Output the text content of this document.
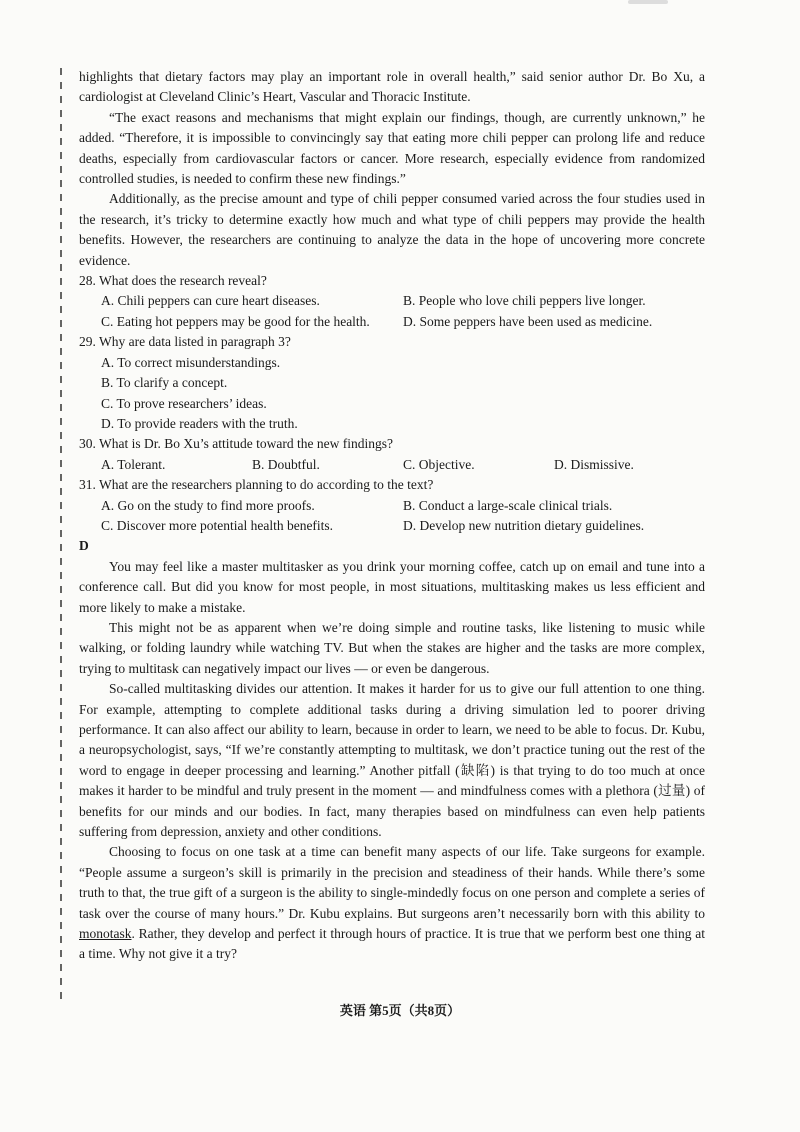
highlights that dietary factors may play an important role in overall health,” said senior author Dr. Bo Xu, a cardiologist at Cleveland Clinic’s Heart, Vascular and Thoracic Institute.

“The exact reasons and mechanisms that might explain our findings, though, are currently unknown,” he added. “Therefore, it is impossible to convincingly say that eating more chili pepper can prolong life and reduce deaths, especially from cardiovascular factors or cancer. More research, especially evidence from randomized controlled studies, is needed to confirm these new findings.”

Additionally, as the precise amount and type of chili pepper consumed varied across the four studies used in the research, it’s tricky to determine exactly how much and what type of chili peppers may provide the health benefits. However, the researchers are continuing to analyze the data in the hope of uncovering more concrete evidence.

28. What does the research reveal?

A. Chili peppers can cure heart diseases.	B. People who love chili peppers live longer.
C. Eating hot peppers may be good for the health.	D. Some peppers have been used as medicine.

29. Why are data listed in paragraph 3?

A. To correct misunderstandings.
B. To clarify a concept.
C. To prove researchers’ ideas.
D. To provide readers with the truth.

30. What is Dr. Bo Xu’s attitude toward the new findings?

A. Tolerant.	B. Doubtful.	C. Objective.	D. Dismissive.

31. What are the researchers planning to do according to the text?

A. Go on the study to find more proofs.	B. Conduct a large-scale clinical trials.
C. Discover more potential health benefits.	D. Develop new nutrition dietary guidelines.

D

You may feel like a master multitasker as you drink your morning coffee, catch up on email and tune into a conference call. But did you know for most people, in most situations, multitasking makes us less efficient and more likely to make a mistake.

This might not be as apparent when we’re doing simple and routine tasks, like listening to music while walking, or folding laundry while watching TV. But when the stakes are higher and the tasks are more complex, trying to multitask can negatively impact our lives — or even be dangerous.

So-called multitasking divides our attention. It makes it harder for us to give our full attention to one thing. For example, attempting to complete additional tasks during a driving simulation led to poorer driving performance. It can also affect our ability to learn, because in order to learn, we need to be able to focus. Dr. Kubu, a neuropsychologist, says, “If we’re constantly attempting to multitask, we don’t practice tuning out the rest of the word to engage in deeper processing and learning.” Another pitfall (缺陷) is that trying to do too much at once makes it harder to be mindful and truly present in the moment — and mindfulness comes with a plethora (过量) of benefits for our minds and our bodies. In fact, many therapies based on mindfulness can even help patients suffering from depression, anxiety and other conditions.

Choosing to focus on one task at a time can benefit many aspects of our life. Take surgeons for example. “People assume a surgeon’s skill is primarily in the precision and steadiness of their hands. While there’s some truth to that, the true gift of a surgeon is the ability to single-mindedly focus on one person and complete a series of task over the course of many hours.” Dr. Kubu explains. But surgeons aren’t necessarily born with this ability to monotask. Rather, they develop and perfect it through hours of practice. It is true that we perform best one thing at a time. Why not give it a try?

英语 第5页（共8页）
